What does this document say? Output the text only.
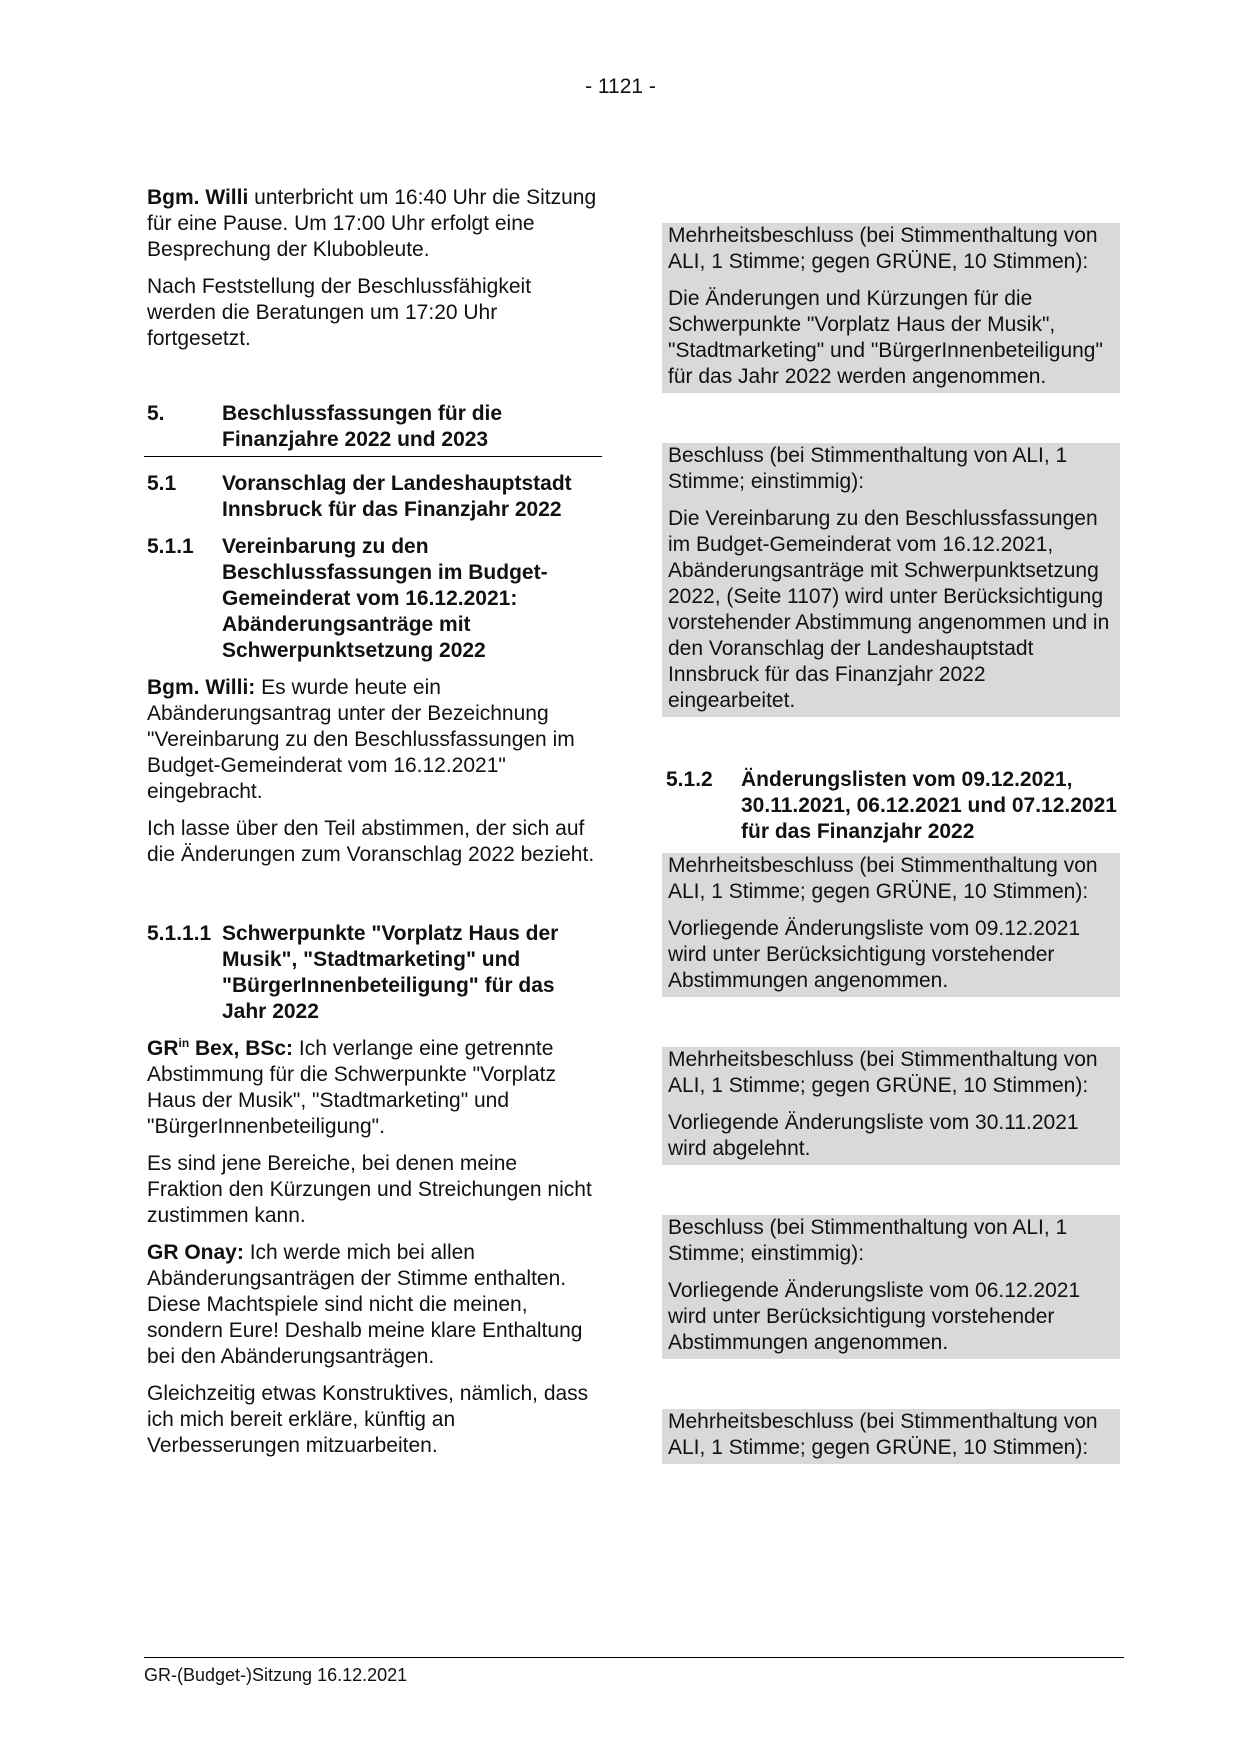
- 1121 -

Bgm. Willi unterbricht um 16:40 Uhr die Sitzung für eine Pause. Um 17:00 Uhr erfolgt eine Besprechung der Klubobleute.

Nach Feststellung der Beschlussfähigkeit werden die Beratungen um 17:20 Uhr fortgesetzt.

5.	Beschlussfassungen für die Finanzjahre 2022 und 2023
5.1 Voranschlag der Landeshauptstadt Innsbruck für das Finanzjahr 2022
5.1.1 Vereinbarung zu den Beschlussfassungen im Budget-Gemeinderat vom 16.12.2021: Abänderungsanträge mit Schwerpunktsetzung 2022

Bgm. Willi: Es wurde heute ein Abänderungsantrag unter der Bezeichnung "Vereinbarung zu den Beschlussfassungen im Budget-Gemeinderat vom 16.12.2021" eingebracht.

Ich lasse über den Teil abstimmen, der sich auf die Änderungen zum Voranschlag 2022 bezieht.

5.1.1.1 Schwerpunkte "Vorplatz Haus der Musik", "Stadtmarketing" und "BürgerInnenbeteiligung" für das Jahr 2022

$GR^{in}$ Bex, BSc: Ich verlange eine getrennte Abstimmung für die Schwerpunkte "Vorplatz Haus der Musik", "Stadtmarketing" und "BürgerInnenbeteiligung".

Es sind jene Bereiche, bei denen meine Fraktion den Kürzungen und Streichungen nicht zustimmen kann.

GR Onay: Ich werde mich bei allen Abänderungsanträgen der Stimme enthalten. Diese Machtspiele sind nicht die meinen, sondern Eure! Deshalb meine klare Enthaltung bei den Abänderungsanträgen.

Gleichzeitig etwas Konstruktives, nämlich, dass ich mich bereit erkläre, künftig an Verbesserungen mitzuarbeiten.

Mehrheitsbeschluss (bei Stimmenthaltung von ALI, 1 Stimme; gegen GRÜNE, 10 Stimmen):

Die Änderungen und Kürzungen für die Schwerpunkte "Vorplatz Haus der Musik", "Stadtmarketing" und "BürgerInnenbeteiligung" für das Jahr 2022 werden angenommen.

Beschluss (bei Stimmenthaltung von ALI, 1 Stimme; einstimmig):

Die Vereinbarung zu den Beschlussfassungen im Budget-Gemeinderat vom 16.12.2021, Abänderungsanträge mit Schwerpunktsetzung 2022, (Seite 1107) wird unter Berücksichtigung vorstehender Abstimmung angenommen und in den Voranschlag der Landeshauptstadt Innsbruck für das Finanzjahr 2022 eingearbeitet.

5.1.2 Änderungslisten vom 09.12.2021, 30.11.2021, 06.12.2021 und 07.12.2021 für das Finanzjahr 2022

Mehrheitsbeschluss (bei Stimmenthaltung von ALI, 1 Stimme; gegen GRÜNE, 10 Stimmen):

Vorliegende Änderungsliste vom 09.12.2021 wird unter Berücksichtigung vorstehender Abstimmungen angenommen.

Mehrheitsbeschluss (bei Stimmenthaltung von ALI, 1 Stimme; gegen GRÜNE, 10 Stimmen):

Vorliegende Änderungsliste vom 30.11.2021 wird abgelehnt.

Beschluss (bei Stimmenthaltung von ALI, 1 Stimme; einstimmig):

Vorliegende Änderungsliste vom 06.12.2021 wird unter Berücksichtigung vorstehender Abstimmungen angenommen.

Mehrheitsbeschluss (bei Stimmenthaltung von ALI, 1 Stimme; gegen GRÜNE, 10 Stimmen):

GR-(Budget-)Sitzung 16.12.2021
